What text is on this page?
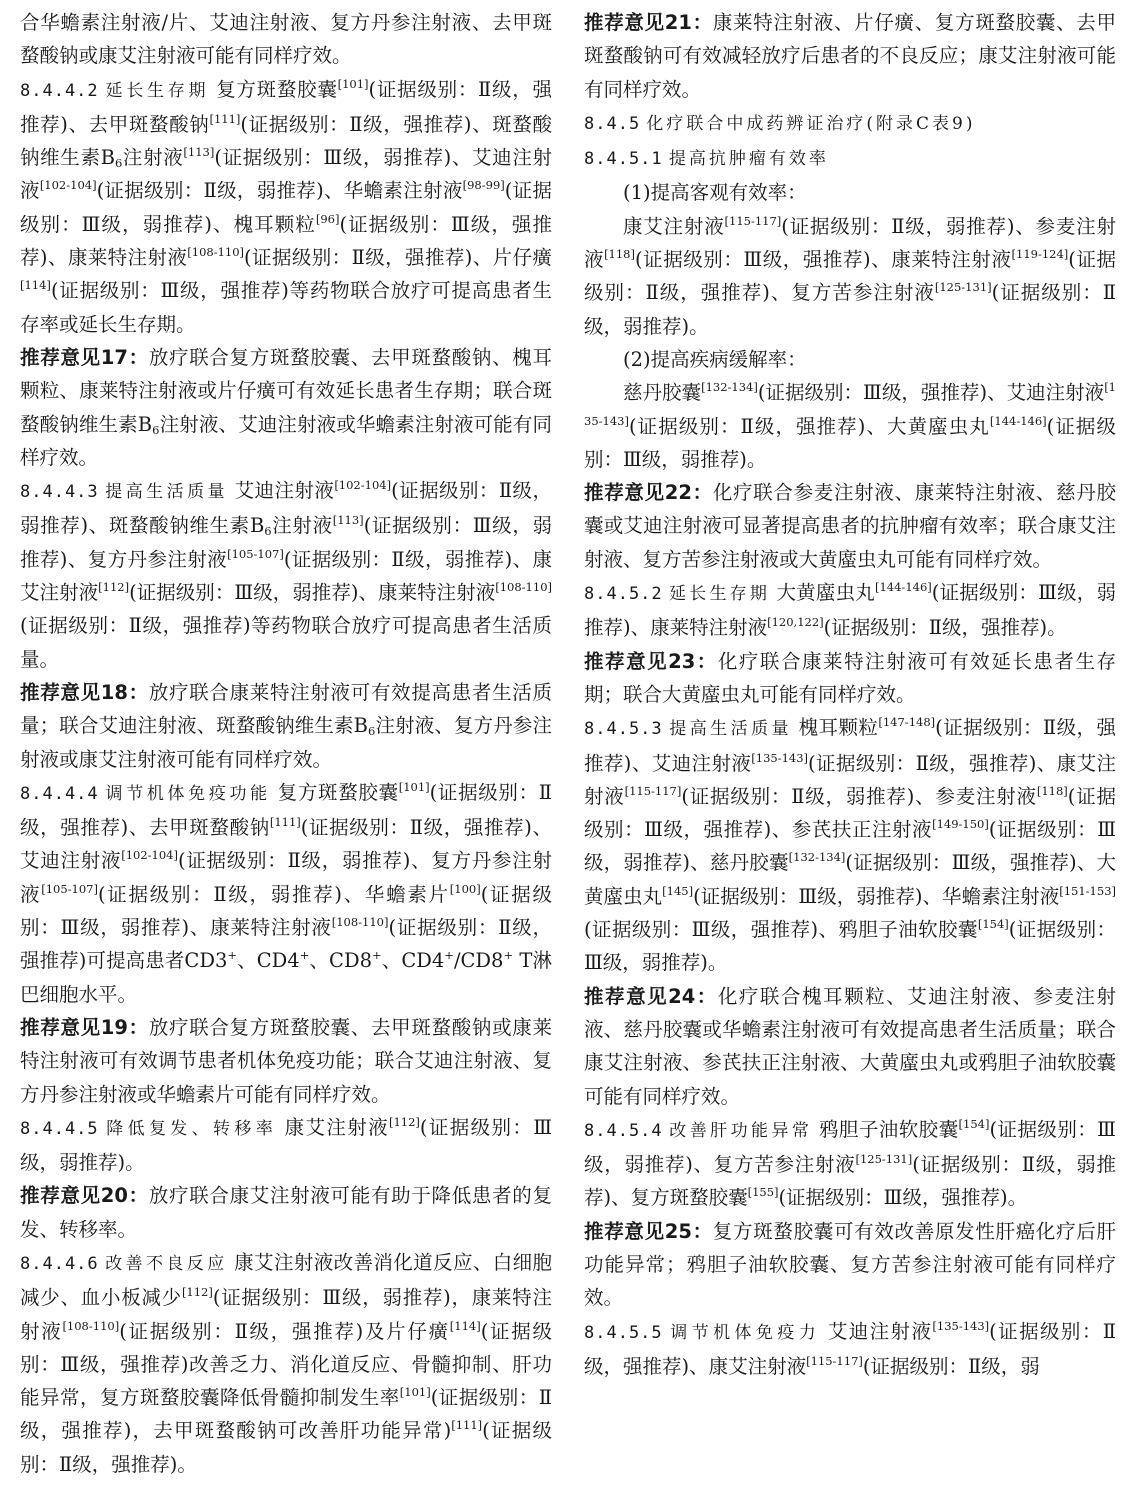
合华蟾素注射液/片、艾迪注射液、复方丹参注射液、去甲斑蝥酸钠或康艾注射液可能有同样疗效。

8.4.4.2 延长生存期 复方斑蝥胶囊[101](证据级别：Ⅱ级，强推荐)、去甲斑蝥酸钠[111](证据级别：Ⅱ级，强推荐)、斑蝥酸钠维生素$B_6$注射液[113](证据级别：Ⅲ级，弱推荐)、艾迪注射液[102-104](证据级别：Ⅱ级，弱推荐)、华蟾素注射液[98-99](证据级别：Ⅲ级，弱推荐)、槐耳颗粒[96](证据级别：Ⅲ级，强推荐)、康莱特注射液[108-110](证据级别：Ⅱ级，强推荐)、片仔癀[114](证据级别：Ⅲ级，强推荐)等药物联合放疗可提高患者生存率或延长生存期。

推荐意见17：放疗联合复方斑蝥胶囊、去甲斑蝥酸钠、槐耳颗粒、康莱特注射液或片仔癀可有效延长患者生存期；联合斑蝥酸钠维生素$B_6$注射液、艾迪注射液或华蟾素注射液可能有同样疗效。

8.4.4.3 提高生活质量 艾迪注射液[102-104](证据级别：Ⅱ级，弱推荐)、斑蝥酸钠维生素$B_6$注射液[113](证据级别：Ⅲ级，弱推荐)、复方丹参注射液[105-107](证据级别：Ⅱ级，弱推荐)、康艾注射液[112](证据级别：Ⅲ级，弱推荐)、康莱特注射液[108-110](证据级别：Ⅱ级，强推荐)等药物联合放疗可提高患者生活质量。

推荐意见18：放疗联合康莱特注射液可有效提高患者生活质量；联合艾迪注射液、斑蝥酸钠维生素$B_6$注射液、复方丹参注射液或康艾注射液可能有同样疗效。

8.4.4.4 调节机体免疫功能 复方斑蝥胶囊[101](证据级别：Ⅱ级，强推荐)、去甲斑蝥酸钠[111](证据级别：Ⅱ级，强推荐)、艾迪注射液[102-104](证据级别：Ⅱ级，弱推荐)、复方丹参注射液[105-107](证据级别：Ⅱ级，弱推荐)、华蟾素片[100](证据级别：Ⅲ级，弱推荐)、康莱特注射液[108-110](证据级别：Ⅱ级，强推荐)可提高患者CD3+、CD4+、CD8+、CD4+/CD8+ T淋巴细胞水平。

推荐意见19：放疗联合复方斑蝥胶囊、去甲斑蝥酸钠或康莱特注射液可有效调节患者机体免疫功能；联合艾迪注射液、复方丹参注射液或华蟾素片可能有同样疗效。

8.4.4.5 降低复发、转移率 康艾注射液[112](证据级别：Ⅲ级，弱推荐)。

推荐意见20：放疗联合康艾注射液可能有助于降低患者的复发、转移率。

8.4.4.6 改善不良反应 康艾注射液改善消化道反应、白细胞减少、血小板减少[112](证据级别：Ⅲ级，弱推荐)，康莱特注射液[108-110](证据级别：Ⅱ级，强推荐)及片仔癀[114](证据级别：Ⅲ级，强推荐)改善乏力、消化道反应、骨髓抑制、肝功能异常，复方斑蝥胶囊降低骨髓抑制发生率[101](证据级别：Ⅱ级，强推荐)，去甲斑蝥酸钠可改善肝功能异常)[111](证据级别：Ⅱ级，强推荐)。

推荐意见21：康莱特注射液、片仔癀、复方斑蝥胶囊、去甲斑蝥酸钠可有效减轻放疗后患者的不良反应；康艾注射液可能有同样疗效。

8.4.5 化疗联合中成药辨证治疗(附录C表9)

8.4.5.1 提高抗肿瘤有效率

(1)提高客观有效率：

康艾注射液[115-117](证据级别：Ⅱ级，弱推荐)、参麦注射液[118](证据级别：Ⅲ级，强推荐)、康莱特注射液[119-124](证据级别：Ⅱ级，强推荐)、复方苦参注射液[125-131](证据级别：Ⅱ级，弱推荐)。

(2)提高疾病缓解率：

慈丹胶囊[132-134](证据级别：Ⅲ级，强推荐)、艾迪注射液[135-143](证据级别：Ⅱ级，强推荐)、大黄䗪虫丸[144-146](证据级别：Ⅲ级，弱推荐)。

推荐意见22：化疗联合参麦注射液、康莱特注射液、慈丹胶囊或艾迪注射液可显著提高患者的抗肿瘤有效率；联合康艾注射液、复方苦参注射液或大黄䗪虫丸可能有同样疗效。

8.4.5.2 延长生存期 大黄䗪虫丸[144-146](证据级别：Ⅲ级，弱推荐)、康莱特注射液[120,122](证据级别：Ⅱ级，强推荐)。

推荐意见23：化疗联合康莱特注射液可有效延长患者生存期；联合大黄䗪虫丸可能有同样疗效。

8.4.5.3 提高生活质量 槐耳颗粒[147-148](证据级别：Ⅱ级，强推荐)、艾迪注射液[135-143](证据级别：Ⅱ级，强推荐)、康艾注射液[115-117](证据级别：Ⅱ级，弱推荐)、参麦注射液[118](证据级别：Ⅲ级，强推荐)、参芪扶正注射液[149-150](证据级别：Ⅲ级，弱推荐)、慈丹胶囊[132-134](证据级别：Ⅲ级，强推荐)、大黄䗪虫丸[145](证据级别：Ⅲ级，弱推荐)、华蟾素注射液[151-153](证据级别：Ⅲ级，强推荐)、鸦胆子油软胶囊[154](证据级别：Ⅲ级，弱推荐)。

推荐意见24：化疗联合槐耳颗粒、艾迪注射液、参麦注射液、慈丹胶囊或华蟾素注射液可有效提高患者生活质量；联合康艾注射液、参芪扶正注射液、大黄䗪虫丸或鸦胆子油软胶囊可能有同样疗效。

8.4.5.4 改善肝功能异常 鸦胆子油软胶囊[154](证据级别：Ⅲ级，弱推荐)、复方苦参注射液[125-131](证据级别：Ⅱ级，弱推荐)、复方斑蝥胶囊[155](证据级别：Ⅲ级，强推荐)。

推荐意见25：复方斑蝥胶囊可有效改善原发性肝癌化疗后肝功能异常；鸦胆子油软胶囊、复方苦参注射液可能有同样疗效。

8.4.5.5 调节机体免疫力 艾迪注射液[135-143](证据级别：Ⅱ级，强推荐)、康艾注射液[115-117](证据级别：Ⅱ级，弱
